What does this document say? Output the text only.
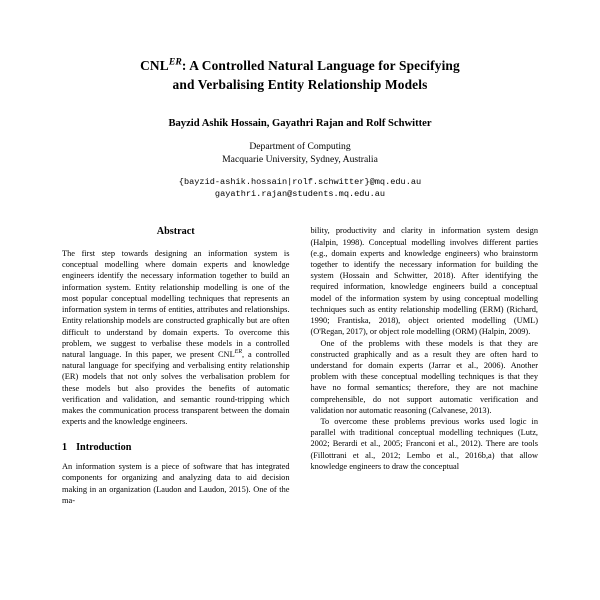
$CNL^{ER}$: A Controlled Natural Language for Specifying
and Verbalising Entity Relationship Models
Bayzid Ashik Hossain, Gayathri Rajan and Rolf Schwitter
Department of Computing
Macquarie University, Sydney, Australia
{bayzid-ashik.hossain|rolf.schwitter}@mq.edu.au
gayathri.rajan@students.mq.edu.au
Abstract

The first step towards designing an information system is conceptual modelling where domain experts and knowledge engineers identify the necessary information together to build an information system. Entity relationship modelling is one of the most popular conceptual modelling techniques that represents an information system in terms of entities, attributes and relationships. Entity relationship models are constructed graphically but are often difficult to understand by domain experts. To overcome this problem, we suggest to verbalise these models in a controlled natural language. In this paper, we present $CNL^{ER}$, a controlled natural language for specifying and verbalising entity relationship (ER) models that not only solves the verbalisation problem for these models but also provides the benefits of automatic verification and validation, and semantic round-tripping which makes the communication process transparent between the domain experts and the knowledge engineers.

1 Introduction

An information system is a piece of software that has integrated components for organizing and analyzing data to aid decision making in an organization (Laudon and Laudon, 2015). One of the ma-

bility, productivity and clarity in information system design (Halpin, 1998). Conceptual modelling involves different parties (e.g., domain experts and knowledge engineers) who brainstorm together to identify the necessary information for building the system (Hossain and Schwitter, 2018). After identifying the required information, knowledge engineers build a conceptual model of the information system by using conceptual modelling techniques such as entity relationship modelling (ERM) (Richard, 1990; Frantiska, 2018), object oriented modelling (UML) (O'Regan, 2017), or object role modelling (ORM) (Halpin, 2009).

One of the problems with these models is that they are constructed graphically and as a result they are often hard to understand for domain experts (Jarrar et al., 2006). Another problem with these conceptual modelling techniques is that they have no formal semantics; therefore, they are not machine comprehensible, do not support automatic verification and validation nor automatic reasoning (Calvanese, 2013).

To overcome these problems previous works used logic in parallel with traditional conceptual modelling techniques (Lutz, 2002; Berardi et al., 2005; Franconi et al., 2012). There are tools (Fillottrani et al., 2012; Lembo et al., 2016b,a) that allow knowledge engineers to draw the conceptual
